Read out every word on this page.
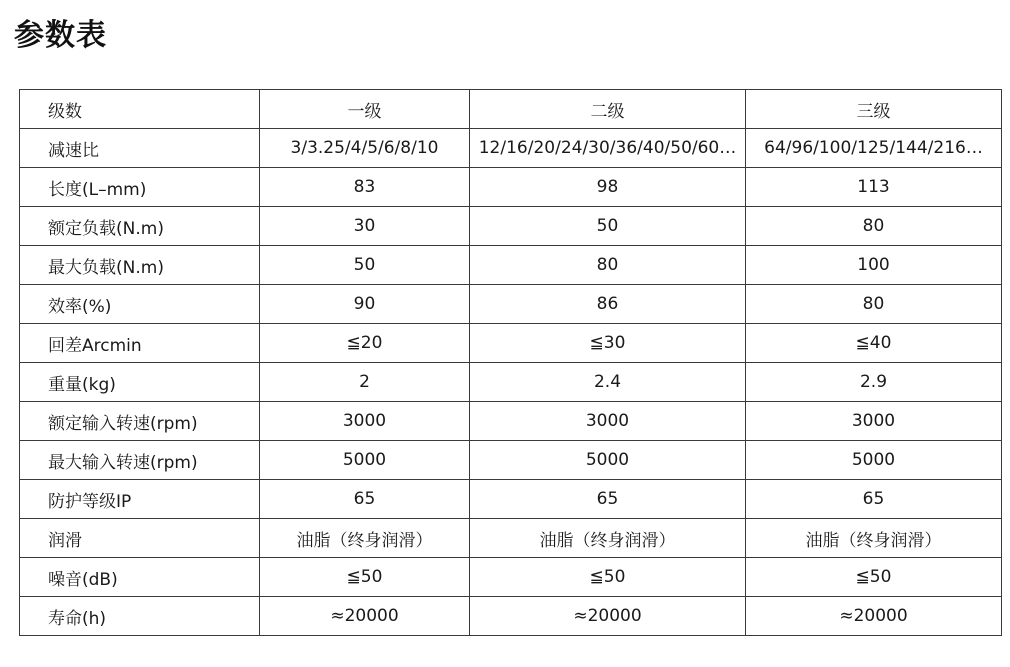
参数表
级数	一级	二级	三级
减速比	3/3.25/4/5/6/8/10	12/16/20/24/30/36/40/50/60…	64/96/100/125/144/216…
长度(L–mm)	83	98	113
额定负载(N.m)	30	50	80
最大负载(N.m)	50	80	100
效率(%)	90	86	80
回差Arcmin	≦20	≦30	≦40
重量(kg)	2	2.4	2.9
额定输入转速(rpm)	3000	3000	3000
最大输入转速(rpm)	5000	5000	5000
防护等级IP	65	65	65
润滑	油脂（终身润滑）	油脂（终身润滑）	油脂（终身润滑）
噪音(dB)	≦50	≦50	≦50
寿命(h)	≈20000	≈20000	≈20000
